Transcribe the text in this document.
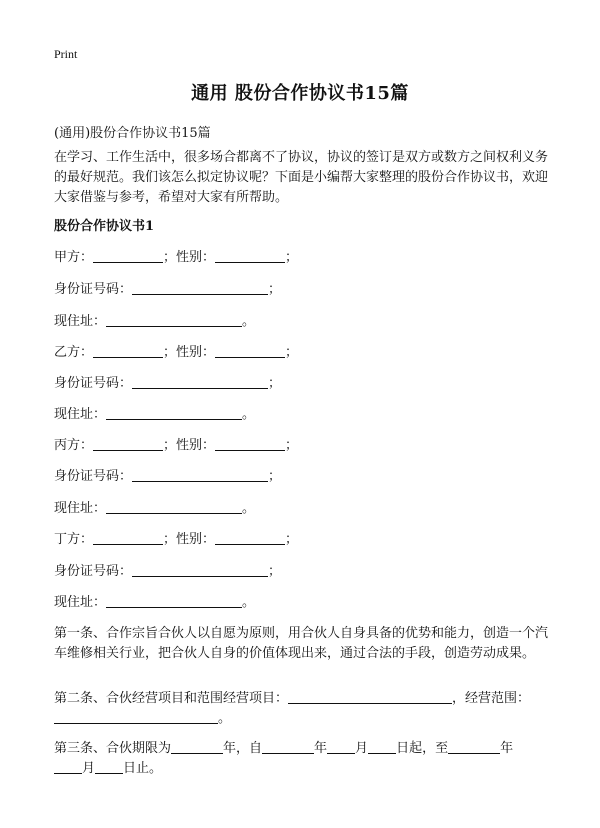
Print
通用 股份合作协议书15篇
(通用)股份合作协议书15篇
在学习、工作生活中，很多场合都离不了协议，协议的签订是双方或数方之间权利义务的最好规范。我们该怎么拟定协议呢？下面是小编帮大家整理的股份合作协议书，欢迎大家借鉴与参考，希望对大家有所帮助。
股份合作协议书1
甲方：	；性别：	；
身份证号码：	；
现住址：	。
乙方：	；性别：	；
身份证号码：	；
现住址：	。
丙方：	；性别：	；
身份证号码：	；
现住址：	。
丁方：	；性别：	；
身份证号码：	；
现住址：	。
第一条、合作宗旨合伙人以自愿为原则，用合伙人自身具备的优势和能力，创造一个汽车维修相关行业，把合伙人自身的价值体现出来，通过合法的手段，创造劳动成果。
第二条、合伙经营项目和范围经营项目：	，经营范围：
。
第三条、合伙期限为	年，自	年 月 日起，至	年
月 日止。
